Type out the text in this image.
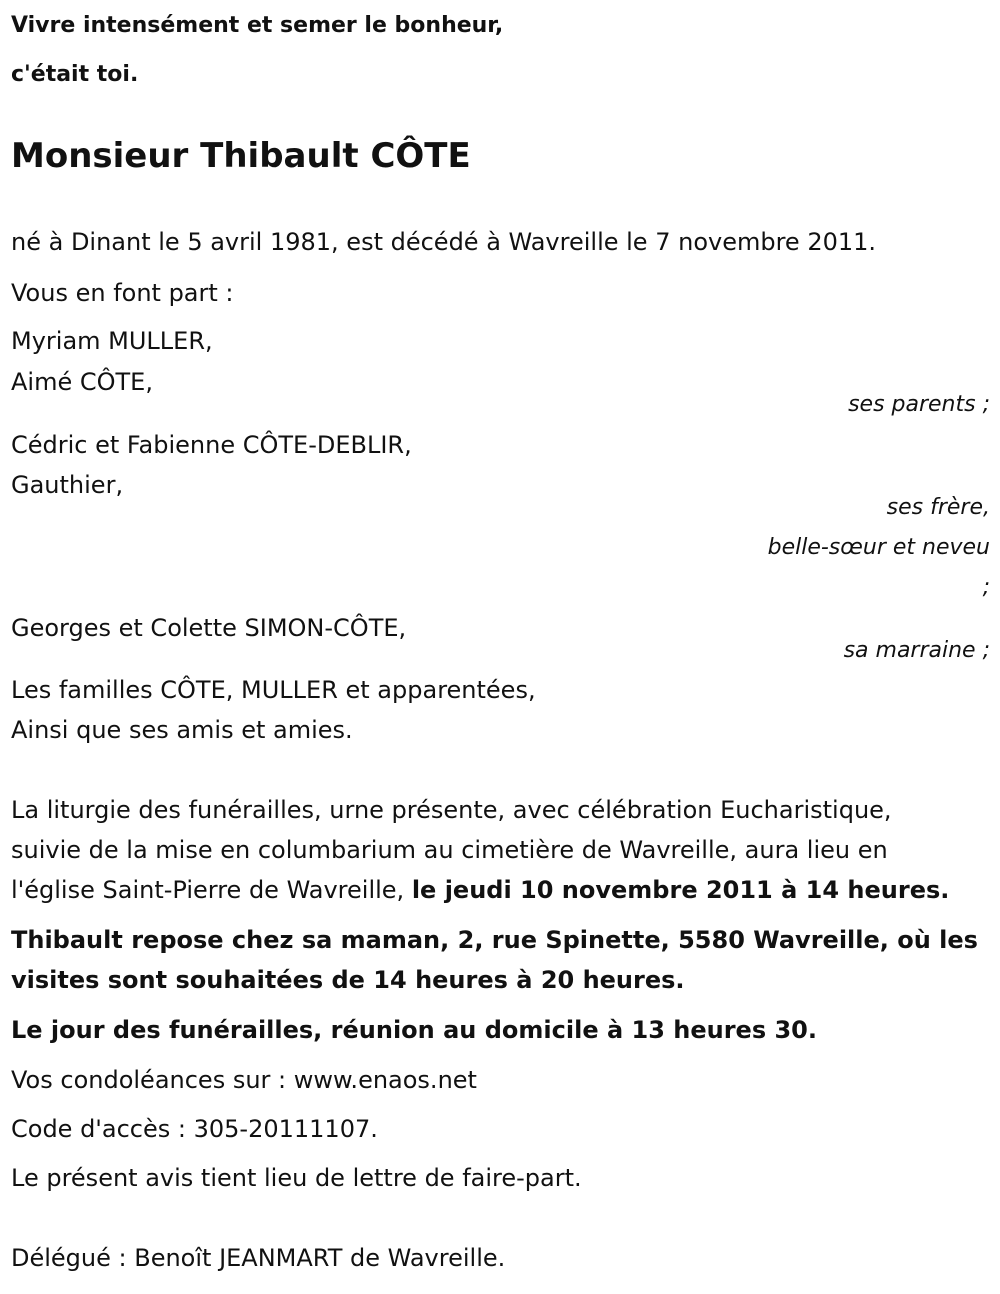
Vivre intensément et semer le bonheur,
c'était toi.
Monsieur Thibault CÔTE
né à Dinant le 5 avril 1981, est décédé à Wavreille le 7 novembre 2011.
Vous en font part :
Myriam MULLER,
Aimé CÔTE,
ses parents ;
Cédric et Fabienne CÔTE-DEBLIR,
Gauthier,
ses frère,
belle-sœur et neveu
;
Georges et Colette SIMON-CÔTE,
sa marraine ;
Les familles CÔTE, MULLER et apparentées,
Ainsi que ses amis et amies.
La liturgie des funérailles, urne présente, avec célébration Eucharistique,
suivie de la mise en columbarium au cimetière de Wavreille, aura lieu en
l'église Saint-Pierre de Wavreille, le jeudi 10 novembre 2011 à 14 heures.
Thibault repose chez sa maman, 2, rue Spinette, 5580 Wavreille, où les
visites sont souhaitées de 14 heures à 20 heures.
Le jour des funérailles, réunion au domicile à 13 heures 30.
Vos condoléances sur : www.enaos.net
Code d'accès : 305-20111107.
Le présent avis tient lieu de lettre de faire-part.
Délégué : Benoît JEANMART de Wavreille.
